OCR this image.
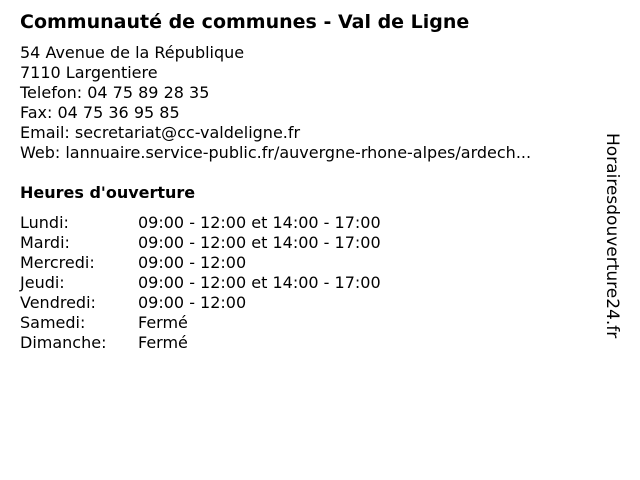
Communauté de communes - Val de Ligne
54 Avenue de la République
7110 Largentiere
Telefon: 04 75 89 28 35
Fax: 04 75 36 95 85
Email: secretariat@cc-valdeligne.fr
Web: lannuaire.service-public.fr/auvergne-rhone-alpes/ardech...
Heures d'ouverture
Lundi:	09:00 - 12:00 et 14:00 - 17:00
Mardi:	09:00 - 12:00 et 14:00 - 17:00
Mercredi:	09:00 - 12:00
Jeudi:	09:00 - 12:00 et 14:00 - 17:00
Vendredi:	09:00 - 12:00
Samedi:	Fermé
Dimanche: Fermé
Horairesdouverture24.fr
